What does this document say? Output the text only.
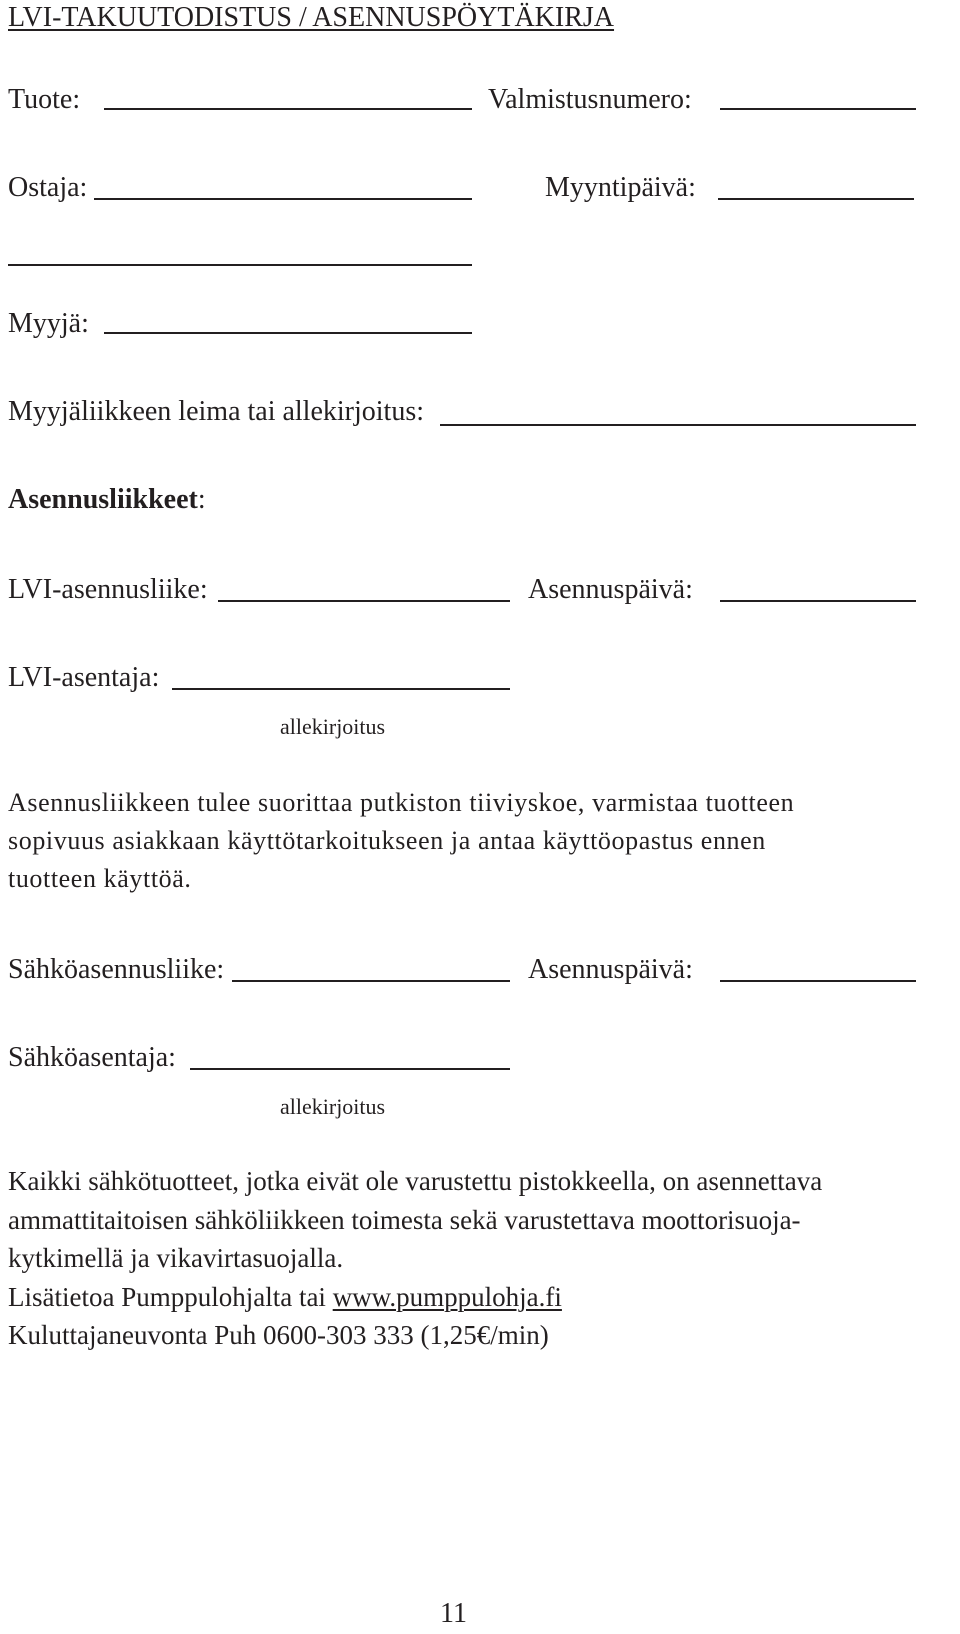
LVI-TAKUUTODISTUS / ASENNUSPÖYTÄKIRJA
Tuote:	Valmistusnumero:
Ostaja:	Myyntipäivä:
Myyjä:
Myyjäliikkeen leima tai allekirjoitus:
Asennusliikkeet:
LVI-asennusliike:	Asennuspäivä:
LVI-asentaja:
allekirjoitus
Asennusliikkeen tulee suorittaa putkiston tiiviyskoe, varmistaa tuotteen
sopivuus asiakkaan käyttötarkoitukseen ja antaa käyttöopastus ennen
tuotteen käyttöä.
Sähköasennusliike:	Asennuspäivä:
Sähköasentaja:
allekirjoitus
Kaikki sähkötuotteet, jotka eivät ole varustettu pistokkeella, on asennettava
ammattitaitoisen sähköliikkeen toimesta sekä varustettava moottorisuoja-
kytkimellä ja vikavirtasuojalla.
Lisätietoa Pumppulohjalta tai www.pumppulohja.fi
Kuluttajaneuvonta Puh 0600-303 333 (1,25€/min)
11
